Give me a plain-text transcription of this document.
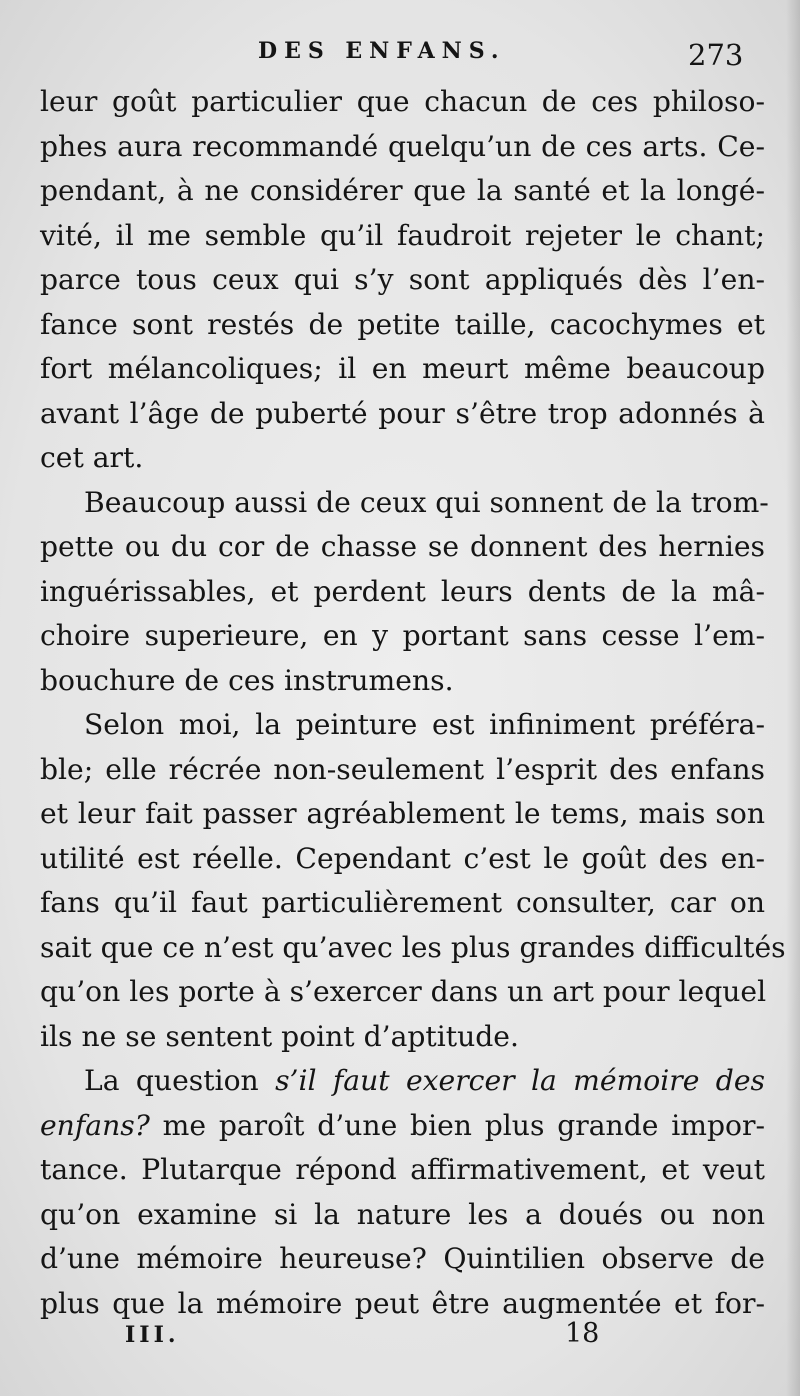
DES ENFANS.	273
leur goût particulier que chacun de ces philoso-
phes aura recommandé quelqu’un de ces arts. Ce-
pendant, à ne considérer que la santé et la longé-
vité, il me semble qu’il faudroit rejeter le chant;
parce tous ceux qui s’y sont appliqués dès l’en-
fance sont restés de petite taille, cacochymes et
fort mélancoliques; il en meurt même beaucoup
avant l’âge de puberté pour s’être trop adonnés à
cet art.
Beaucoup aussi de ceux qui sonnent de la trom-
pette ou du cor de chasse se donnent des hernies
inguérissables, et perdent leurs dents de la mâ-
choire superieure, en y portant sans cesse l’em-
bouchure de ces instrumens.
Selon moi, la peinture est infiniment préféra-
ble; elle récrée non-seulement l’esprit des enfans
et leur fait passer agréablement le tems, mais son
utilité est réelle. Cependant c’est le goût des en-
fans qu’il faut particulièrement consulter, car on
sait que ce n’est qu’avec les plus grandes difficultés
qu’on les porte à s’exercer dans un art pour lequel
ils ne se sentent point d’aptitude.
La question s’il faut exercer la mémoire des
enfans? me paroît d’une bien plus grande impor-
tance. Plutarque répond affirmativement, et veut
qu’on examine si la nature les a doués ou non
d’une mémoire heureuse? Quintilien observe de
plus que la mémoire peut être augmentée et for-
III.	18
